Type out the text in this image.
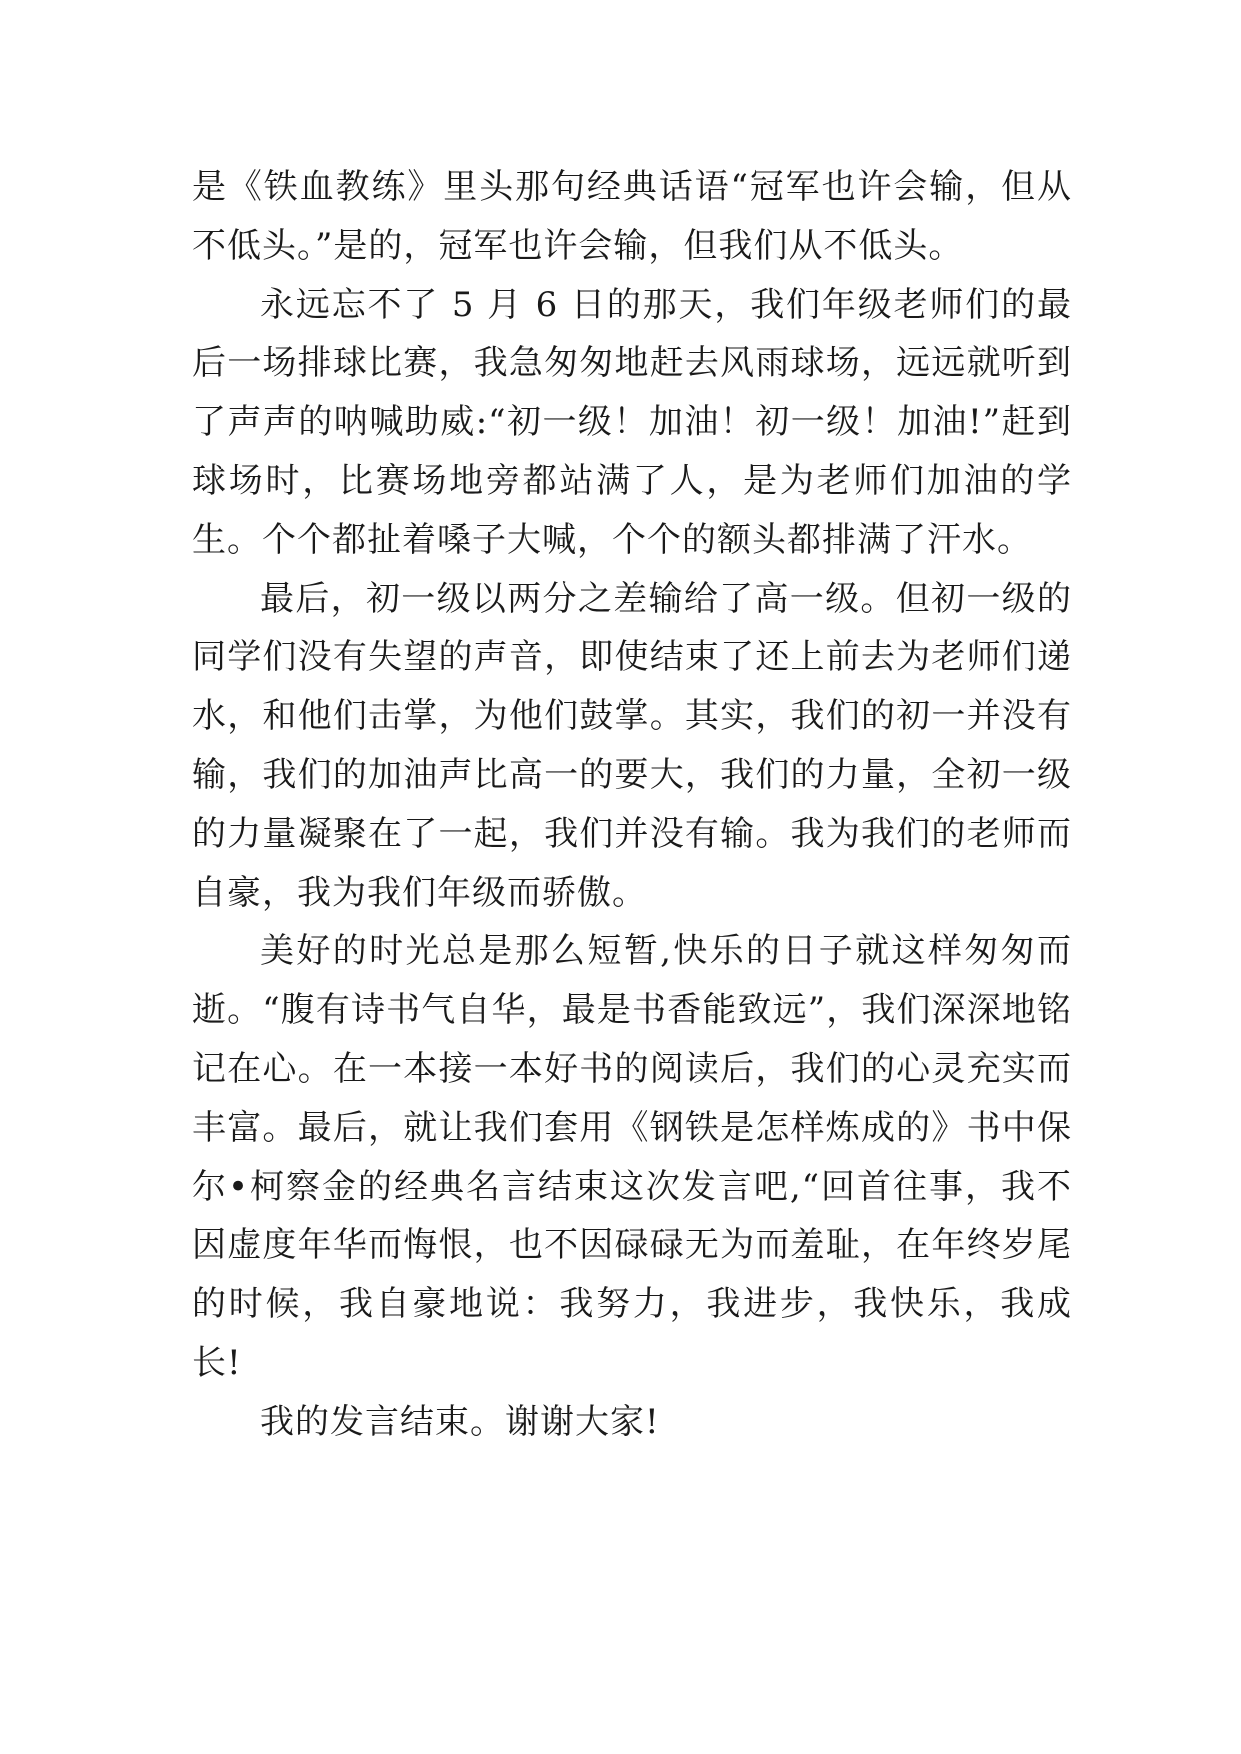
是《铁血教练》里头那句经典话语“冠军也许会输，但从不低头。”是的，冠军也许会输，但我们从不低头。

永远忘不了 5 月 6 日的那天，我们年级老师们的最后一场排球比赛，我急匆匆地赶去风雨球场，远远就听到了声声的呐喊助威:“初一级！加油！初一级！加油!”赶到球场时，比赛场地旁都站满了人，是为老师们加油的学生。个个都扯着嗓子大喊，个个的额头都排满了汗水。

最后，初一级以两分之差输给了高一级。但初一级的同学们没有失望的声音，即使结束了还上前去为老师们递水，和他们击掌，为他们鼓掌。其实，我们的初一并没有输，我们的加油声比高一的要大，我们的力量，全初一级的力量凝聚在了一起，我们并没有输。我为我们的老师而自豪，我为我们年级而骄傲。

美好的时光总是那么短暂,快乐的日子就这样匆匆而逝。“腹有诗书气自华，最是书香能致远”，我们深深地铭记在心。在一本接一本好书的阅读后，我们的心灵充实而丰富。最后，就让我们套用《钢铁是怎样炼成的》书中保尔•柯察金的经典名言结束这次发言吧,“回首往事，我不因虚度年华而悔恨，也不因碌碌无为而羞耻，在年终岁尾的时候，我自豪地说：我努力，我进步，我快乐，我成长!

我的发言结束。谢谢大家!
